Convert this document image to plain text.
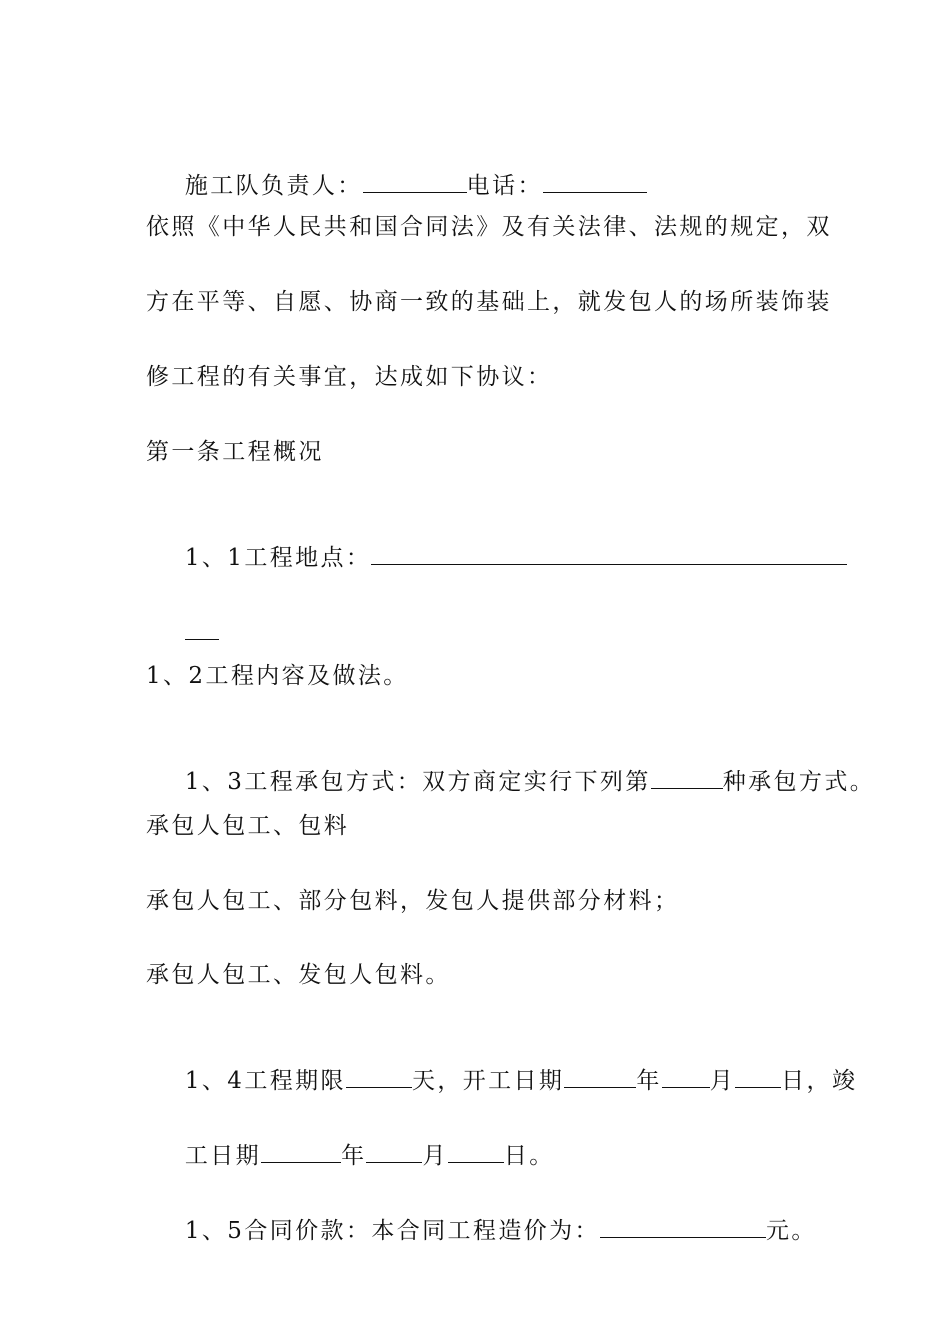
施工队负责人：	电话：

依照《中华人民共和国合同法》及有关法律、法规的规定，双
方在平等、自愿、协商一致的基础上，就发包人的场所装饰装
修工程的有关事宜，达成如下协议：
第一条工程概况

1、1工程地点：

1、2工程内容及做法。

1、3工程承包方式：双方商定实行下列第	种承包方式。

承包人包工、包料
承包人包工、部分包料，发包人提供部分材料；
承包人包工、发包人包料。

1、4工程期限	天，开工日期	年 月 日，竣

工日期	年 月 日。

1、5合同价款：本合同工程造价为：	元。
